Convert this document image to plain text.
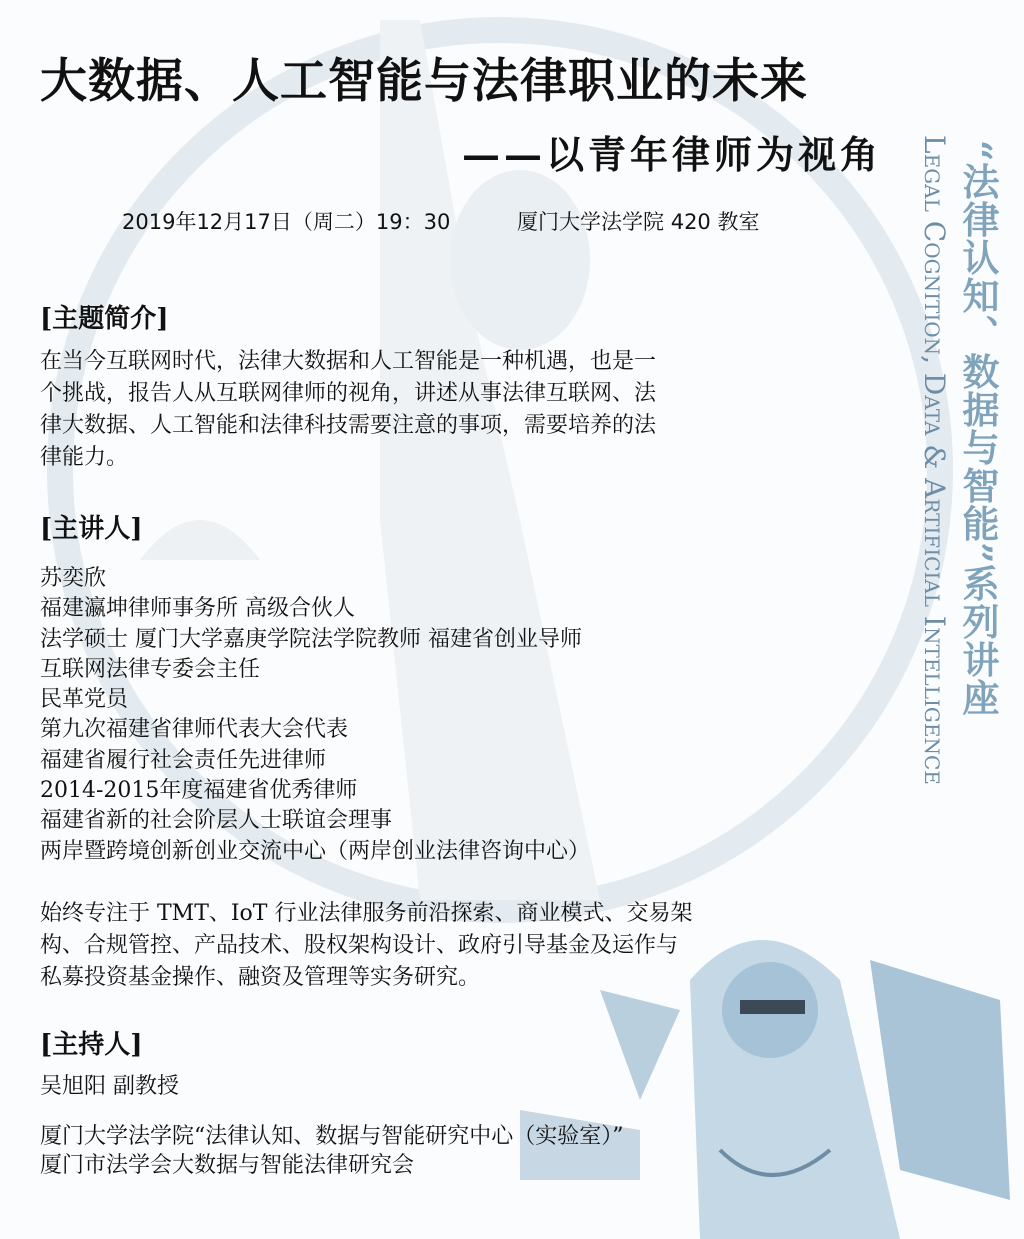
大数据、人工智能与法律职业的未来
——以青年律师为视角
2019年12月17日（周二）19：30	厦门大学法学院 420 教室	“法律认知、数据与智能”系列讲座
Legal Cognition, Data & Artificial Intelligence
[主题简介]
在当今互联网时代，法律大数据和人工智能是一种机遇，也是一
个挑战，报告人从互联网律师的视角，讲述从事法律互联网、法
律大数据、人工智能和法律科技需要注意的事项，需要培养的法
律能力。
[主讲人]
苏奕欣
福建瀛坤律师事务所 高级合伙人
法学硕士 厦门大学嘉庚学院法学院教师 福建省创业导师
互联网法律专委会主任
民革党员
第九次福建省律师代表大会代表
福建省履行社会责任先进律师
2014-2015年度福建省优秀律师
福建省新的社会阶层人士联谊会理事
两岸暨跨境创新创业交流中心（两岸创业法律咨询中心）
始终专注于 TMT、IoT 行业法律服务前沿探索、商业模式、交易架
构、合规管控、产品技术、股权架构设计、政府引导基金及运作与
私募投资基金操作、融资及管理等实务研究。
[主持人]
吴旭阳 副教授
厦门大学法学院“法律认知、数据与智能研究中心（实验室）”
厦门市法学会大数据与智能法律研究会
